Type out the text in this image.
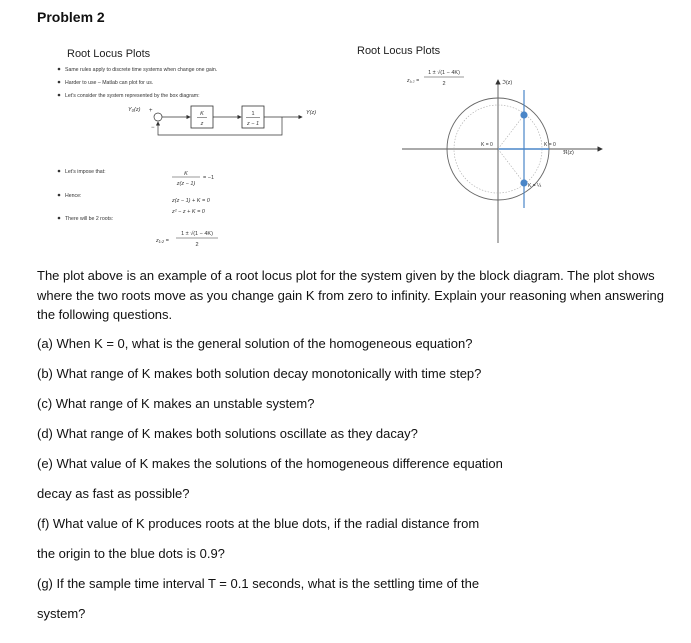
Problem 2
Root Locus Plots
Same rules apply to discrete time systems when change one gain.
Harder to use – Matlab can plot for us.
Let’s consider the system represented by the box diagram:
Y₀(z) +
−
K
z
1
z − 1
Y(z)
Let’s impose that:	K
z(z − 1)
= −1
Hence:
z(z − 1) + K = 0
z² − z + K = 0
There will be 2 roots:
z₁,₂ =
1 ± √(1 − 4K)
2
Root Locus Plots
z₁,₂ =
1 ± √(1 − 4K)
2	ℑ(z)
ℜ(z)
K = 0	K = 0
K = ¼
The plot above is an example of a root locus plot for the system given by the block diagram. The plot shows where the two roots move as you change gain K from zero to infinity. Explain your reasoning when answering the following questions.
(a) When K = 0, what is the general solution of the homogeneous equation?
(b) What range of K makes both solution decay monotonically with time step?
(c) What range of K makes an unstable system?
(d) What range of K makes both solutions oscillate as they dacay?
(e) What value of K makes the solutions of the homogeneous difference equation
decay as fast as possible?
(f) What value of K produces roots at the blue dots, if the radial distance from
the origin to the blue dots is 0.9?
(g) If the sample time interval T = 0.1 seconds, what is the settling time of the
system?
